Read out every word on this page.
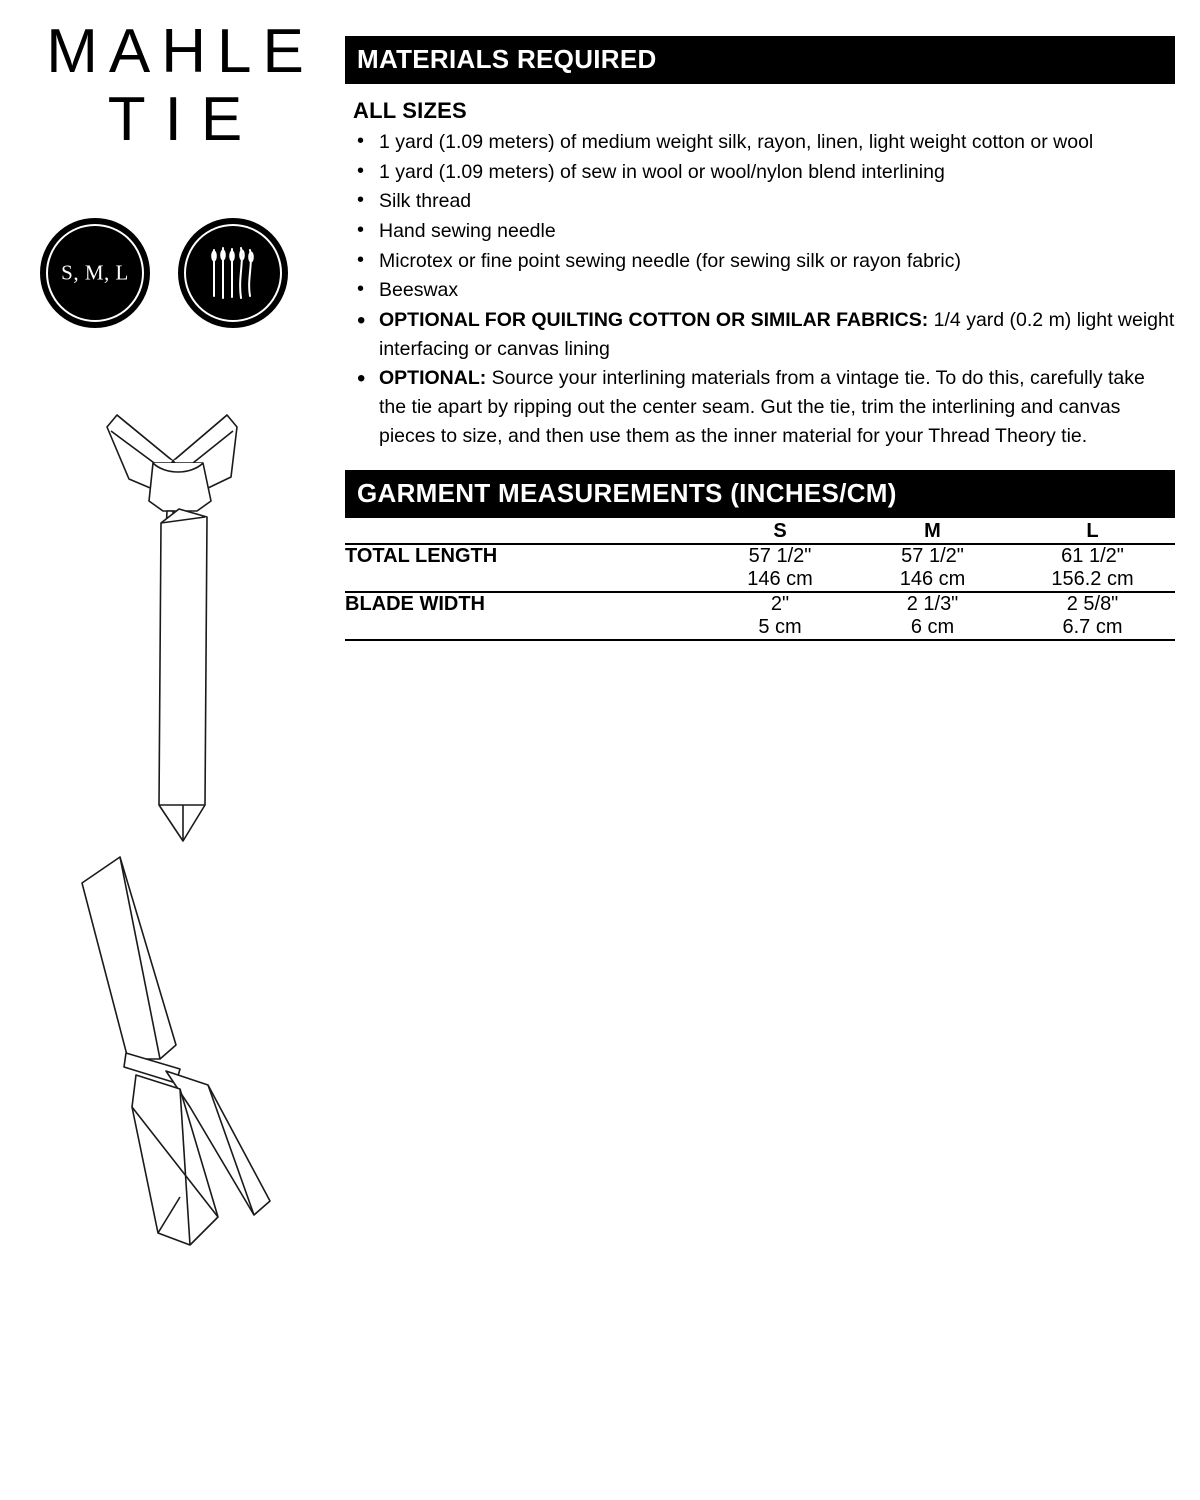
MAHLE
TIE
S, M, L
MATERIALS REQUIRED
ALL SIZES
• 1 yard (1.09 meters) of medium weight silk, rayon, linen, light weight cotton or wool
• 1 yard (1.09 meters) of sew in wool or wool/nylon blend interlining
• Silk thread
• Hand sewing needle
• Microtex or fine point sewing needle (for sewing silk or rayon fabric)
• Beeswax
• OPTIONAL FOR QUILTING COTTON OR SIMILAR FABRICS: 1/4 yard (0.2 m) light weight interfacing or canvas lining
• OPTIONAL: Source your interlining materials from a vintage tie. To do this, carefully take the tie apart by ripping out the center seam. Gut the tie, trim the interlining and canvas pieces to size, and then use them as the inner material for your Thread Theory tie.
GARMENT MEASUREMENTS (INCHES/CM)
	S	M	L

TOTAL LENGTH	57 1/2"	57 1/2"	61 1/2"
	146 cm	146 cm	156.2 cm

BLADE WIDTH	2"	2 1/3"	2 5/8"
	5 cm	6 cm	6.7 cm
